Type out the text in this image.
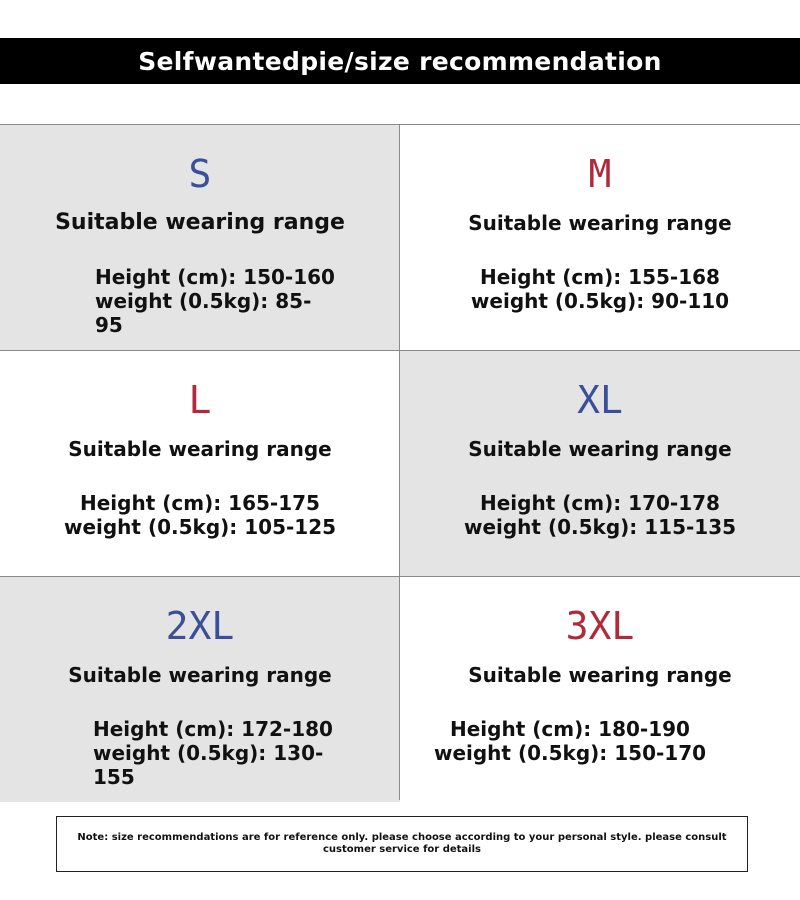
Selfwantedpie/size recommendation
S
Suitable wearing range
Height (cm): 150-160 weight (0.5kg): 85-95
M
Suitable wearing range
Height (cm): 155-168 weight (0.5kg): 90-110
L
Suitable wearing range
Height (cm): 165-175 weight (0.5kg): 105-125
XL
Suitable wearing range
Height (cm): 170-178 weight (0.5kg): 115-135
2XL
Suitable wearing range
Height (cm): 172-180 weight (0.5kg): 130-155
3XL
Suitable wearing range
Height (cm): 180-190 weight (0.5kg): 150-170
Note: size recommendations are for reference only. please choose according to your personal style. please consult customer service for details
